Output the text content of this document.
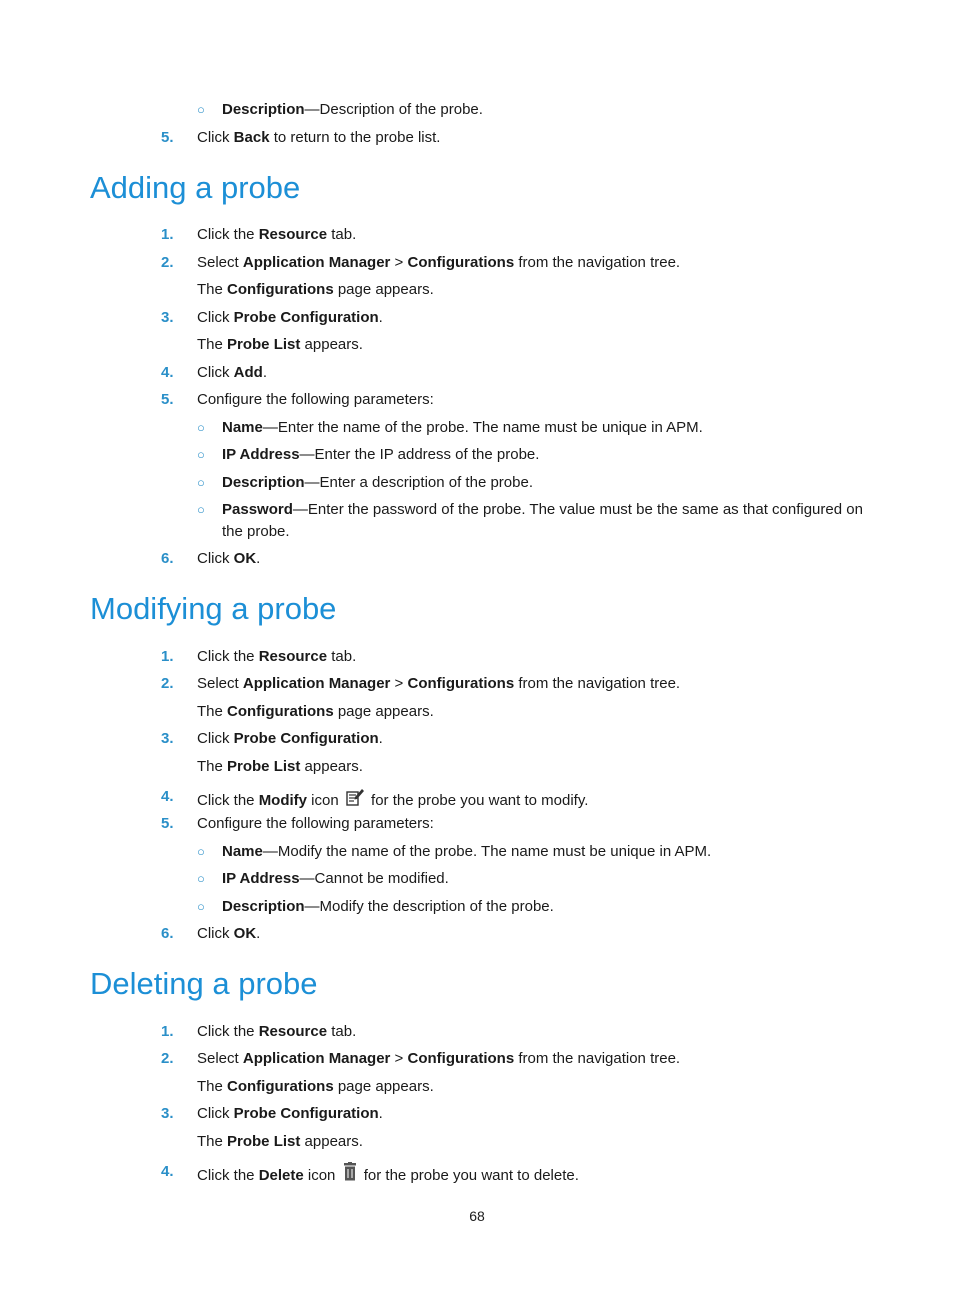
○ Description—Description of the probe.
5.	Click Back to return to the probe list.
Adding a probe
1.	Click the Resource tab.
2.	Select Application Manager > Configurations from the navigation tree.
The Configurations page appears.
3.	Click Probe Configuration.
The Probe List appears.
4.	Click Add.
5.	Configure the following parameters:
○ Name—Enter the name of the probe. The name must be unique in APM.
○ IP Address—Enter the IP address of the probe.
○ Description—Enter a description of the probe.
○ Password—Enter the password of the probe. The value must be the same as that configured on
the probe.
6.	Click OK.
Modifying a probe
1.	Click the Resource tab.
2.	Select Application Manager > Configurations from the navigation tree.
The Configurations page appears.
3.	Click Probe Configuration.
The Probe List appears.
4.	Click the Modify icon  for the probe you want to modify.
5.	Configure the following parameters:
○ Name—Modify the name of the probe. The name must be unique in APM.
○ IP Address—Cannot be modified.
○ Description—Modify the description of the probe.
6.	Click OK.
Deleting a probe
1.	Click the Resource tab.
2.	Select Application Manager > Configurations from the navigation tree.
The Configurations page appears.
3.	Click Probe Configuration.
The Probe List appears.
4.	Click the Delete icon  for the probe you want to delete.
68
